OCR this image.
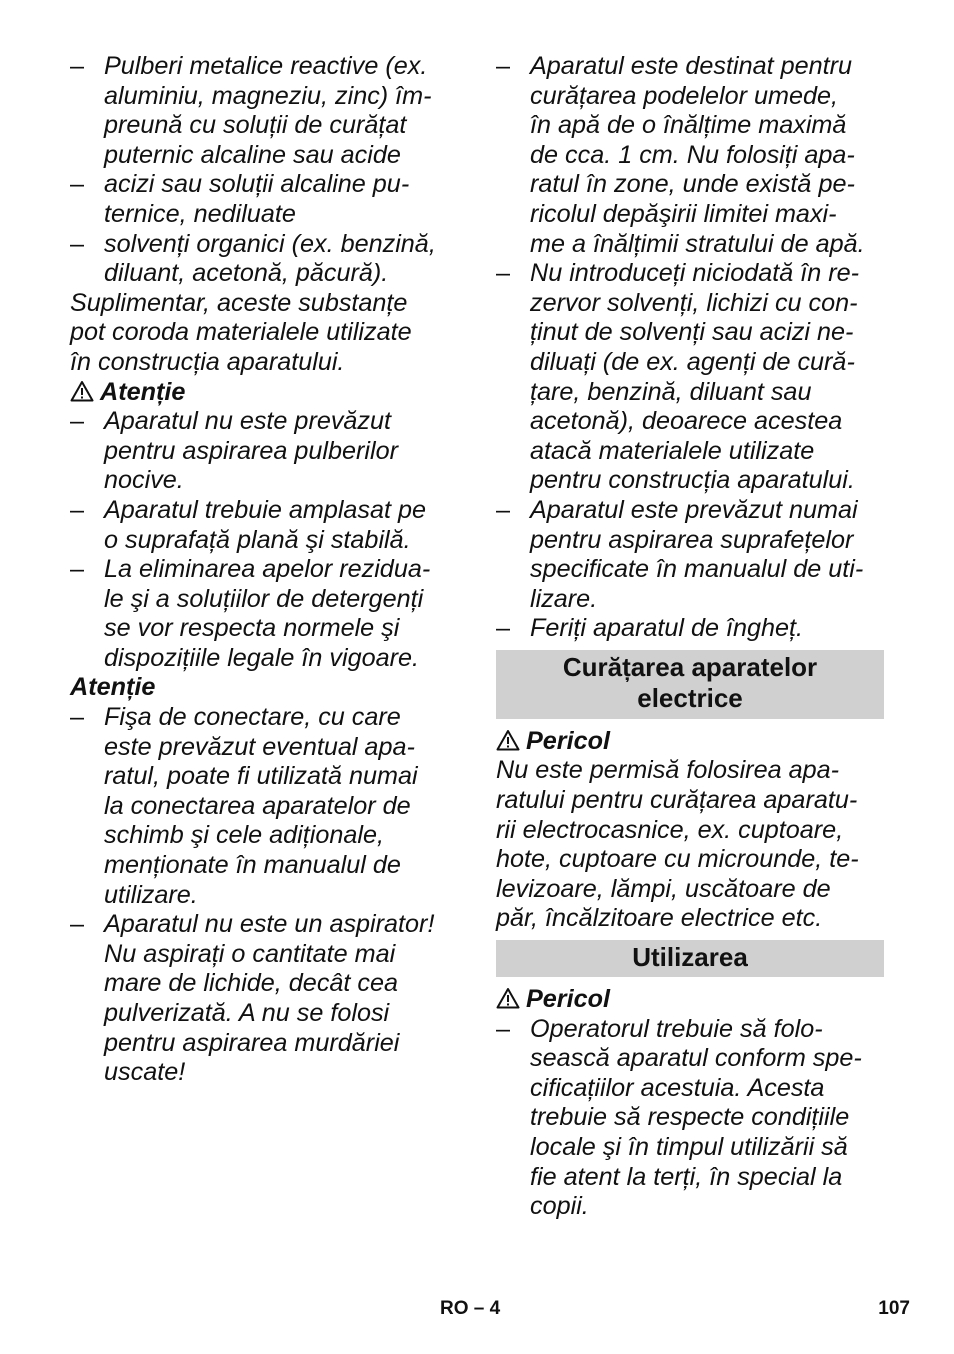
– Pulberi metalice reactive (ex.
aluminiu, magneziu, zinc) îm-
preună cu soluții de curățat
puternic alcaline sau acide
– acizi sau soluții alcaline pu-
ternice, nediluate
– solvenți organici (ex. benzină,
diluant, acetonă, păcură).
Suplimentar, aceste substanțe
pot coroda materialele utilizate
în construcția aparatului.
Atenție
– Aparatul nu este prevăzut
pentru aspirarea pulberilor
nocive.
– Aparatul trebuie amplasat pe
o suprafață plană şi stabilă.
– La eliminarea apelor rezidua-
le şi a soluțiilor de detergenți
se vor respecta normele şi
dispozițiile legale în vigoare.
Atenție
– Fişa de conectare, cu care
este prevăzut eventual apa-
ratul, poate fi utilizată numai
la conectarea aparatelor de
schimb şi cele adiționale,
menționate în manualul de
utilizare.
– Aparatul nu este un aspirator!
Nu aspirați o cantitate mai
mare de lichide, decât cea
pulverizată. A nu se folosi
pentru aspirarea murdăriei
uscate!
– Aparatul este destinat pentru
curățarea podelelor umede,
în apă de o înălțime maximă
de cca. 1 cm. Nu folosiți apa-
ratul în zone, unde există pe-
ricolul depăşirii limitei maxi-
me a înălțimii stratului de apă.
– Nu introduceți niciodată în re-
zervor solvenți, lichizi cu con-
ținut de solvenți sau acizi ne-
diluați (de ex. agenți de cură-
țare, benzină, diluant sau
acetonă), deoarece acestea
atacă materialele utilizate
pentru construcția aparatului.
– Aparatul este prevăzut numai
pentru aspirarea suprafețelor
specificate în manualul de uti-
lizare.
– Feriți aparatul de îngheț.
Curățarea aparatelor
electrice
Pericol
Nu este permisă folosirea apa-
ratului pentru curățarea aparatu-
rii electrocasnice, ex. cuptoare,
hote, cuptoare cu microunde, te-
levizoare, lămpi, uscătoare de
păr, încălzitoare electrice etc.
Utilizarea
Pericol
– Operatorul trebuie să folo-
sească aparatul conform spe-
cificațiilor acestuia. Acesta
trebuie să respecte condițiile
locale şi în timpul utilizării să
fie atent la terți, în special la
copii.
RO – 4	107
